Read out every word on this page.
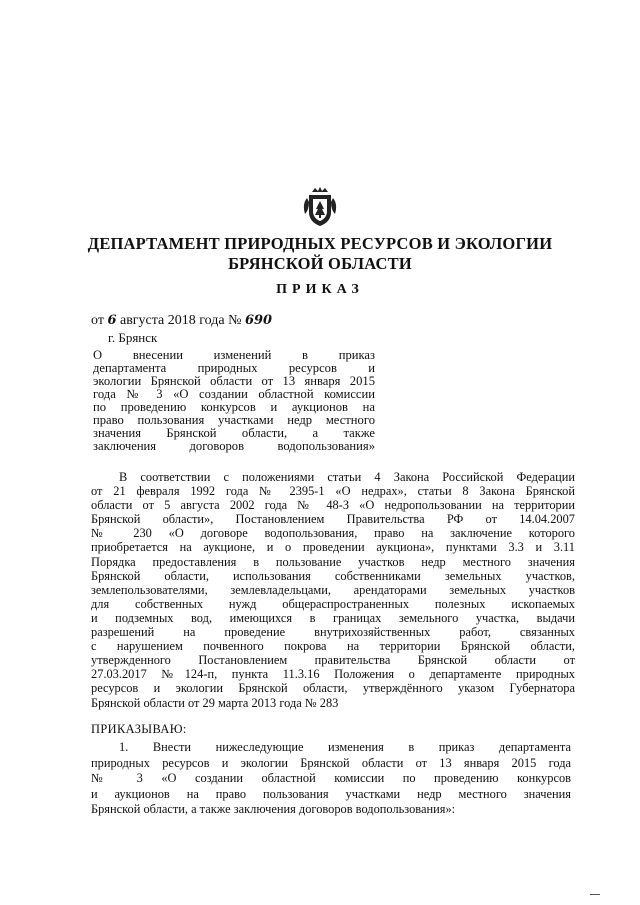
ДЕПАРТАМЕНТ ПРИРОДНЫХ РЕСУРСОВ И ЭКОЛОГИИ
БРЯНСКОЙ ОБЛАСТИ
ПРИКАЗ
от 6 августа 2018 года № 690
г. Брянск
О внесении изменений в приказ
департамента природных ресурсов и
экологии Брянской области от 13 января 2015
года № 3 «О создании областной комиссии
по проведению конкурсов и аукционов на
право пользования участками недр местного
значения Брянской области, а также
заключения договоров водопользования»
В соответствии с положениями статьи 4 Закона Российской Федерации
от 21 февраля 1992 года № 2395-1 «О недрах», статьи 8 Закона Брянской
области от 5 августа 2002 года № 48-З «О недропользовании на территории
Брянской области», Постановлением Правительства РФ от 14.04.2007
№ 230 «О договоре водопользования, право на заключение которого
приобретается на аукционе, и о проведении аукциона», пунктами 3.3 и 3.11
Порядка предоставления в пользование участков недр местного значения
Брянской области, использования собственниками земельных участков,
землепользователями, землевладельцами, арендаторами земельных участков
для собственных нужд общераспространенных полезных ископаемых
и подземных вод, имеющихся в границах земельного участка, выдачи
разрешений на проведение внутрихозяйственных работ, связанных
с нарушением почвенного покрова на территории Брянской области,
утвержденного Постановлением правительства Брянской области от
27.03.2017 №124-п, пункта 11.3.16 Положения о департаменте природных
ресурсов и экологии Брянской области, утверждённого указом Губернатора
Брянской области от 29 марта 2013 года № 283
ПРИКАЗЫВАЮ:
1. Внести нижеследующие изменения в приказ департамента
природных ресурсов и экологии Брянской области от 13 января 2015 года
№ 3 «О создании областной комиссии по проведению конкурсов
и аукционов на право пользования участками недр местного значения
Брянской области, а также заключения договоров водопользования»:
